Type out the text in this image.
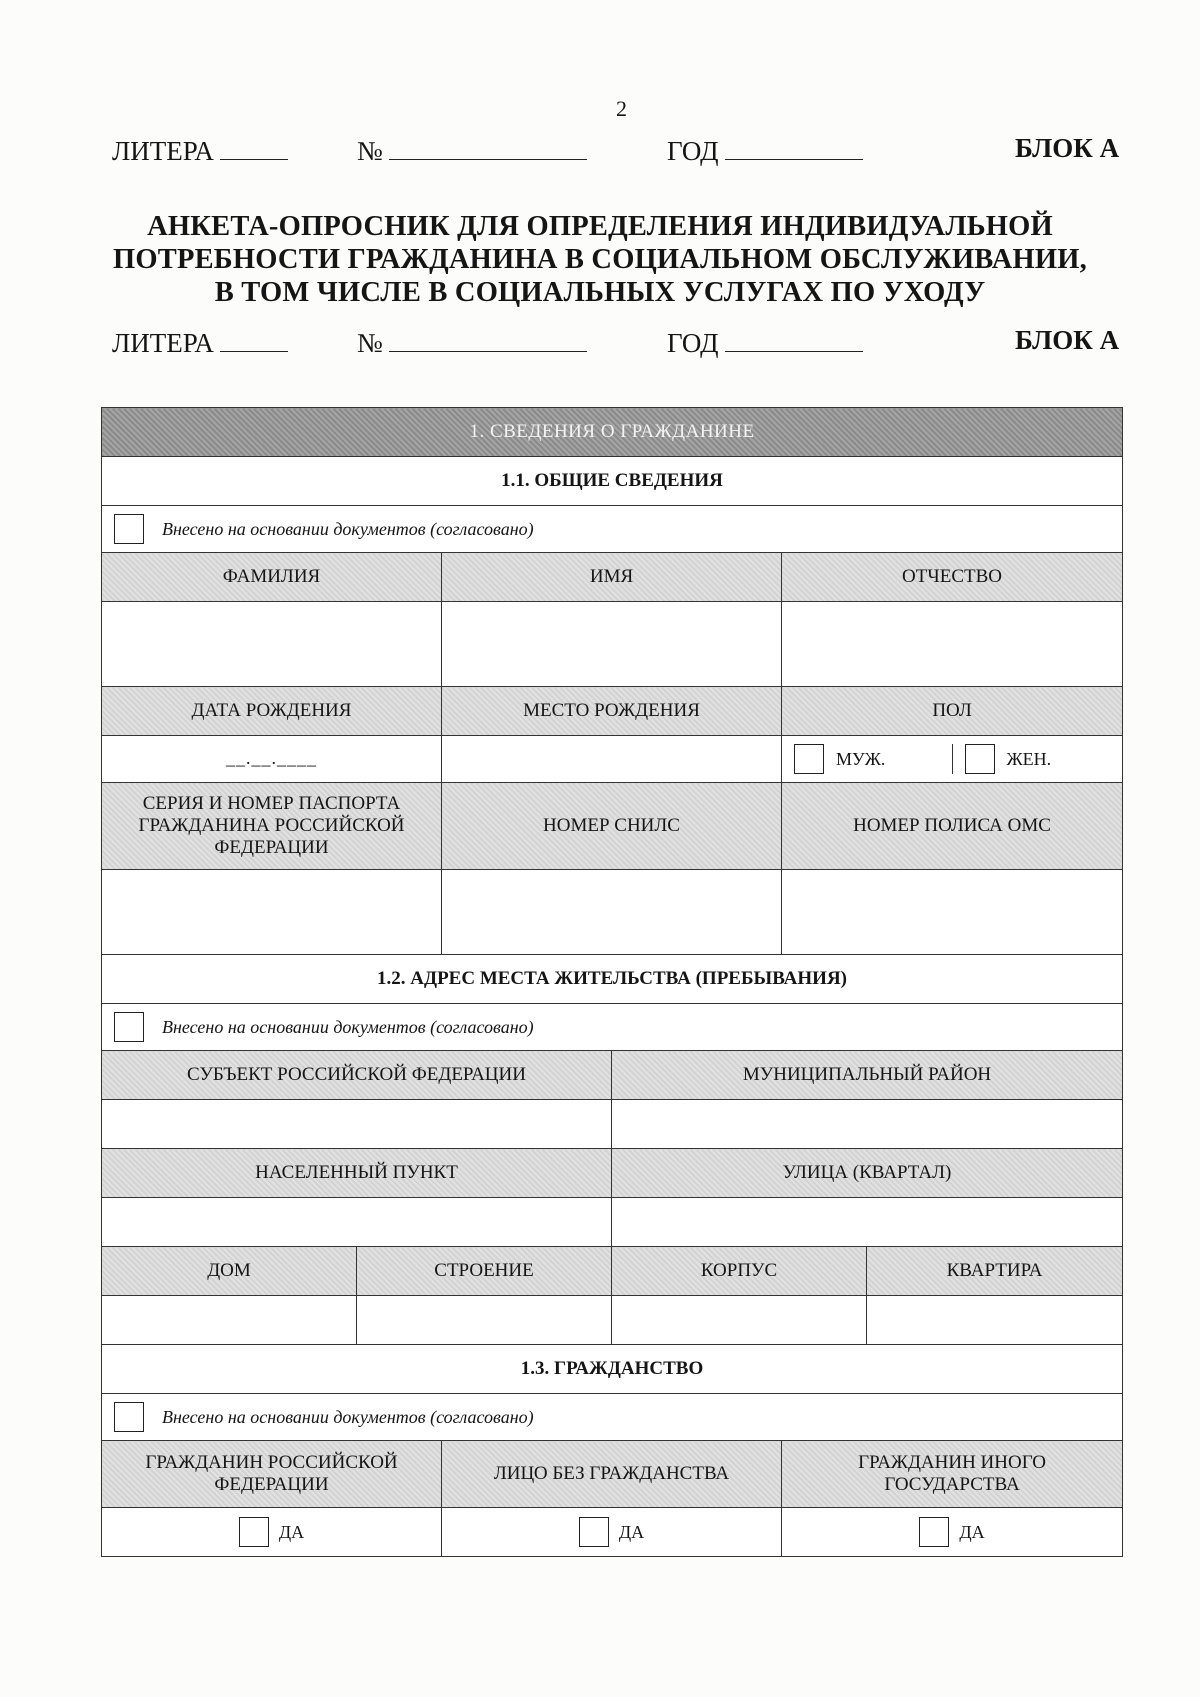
2
ЛИТЕРА	№	ГОД	БЛОК А
АНКЕТА-ОПРОСНИК ДЛЯ ОПРЕДЕЛЕНИЯ ИНДИВИДУАЛЬНОЙ
ПОТРЕБНОСТИ ГРАЖДАНИНА В СОЦИАЛЬНОМ ОБСЛУЖИВАНИИ,
В ТОМ ЧИСЛЕ В СОЦИАЛЬНЫХ УСЛУГАХ ПО УХОДУ
ЛИТЕРА	№	ГОД	БЛОК А
1. СВЕДЕНИЯ О ГРАЖДАНИНЕ					
1.1. ОБЩИЕ СВЕДЕНИЯ					

Внесено на основании документов (согласовано)					

ФАМИЛИЯ		ИМЯ		ОТЧЕСТВО	

ДАТА РОЖДЕНИЯ		МЕСТО РОЖДЕНИЯ		ПОЛ	
__.__.____				МУЖ. ЖЕН.	

СЕРИЯ И НОМЕР ПАСПОРТА ГРАЖДАНИНА РОССИЙСКОЙ ФЕДЕРАЦИИ		НОМЕР СНИЛС		НОМЕР ПОЛИСА ОМС	

1.2. АДРЕС МЕСТА ЖИТЕЛЬСТВА (ПРЕБЫВАНИЯ)					

Внесено на основании документов (согласовано)					

СУБЪЕКТ РОССИЙСКОЙ ФЕДЕРАЦИИ			МУНИЦИПАЛЬНЫЙ РАЙОН		

НАСЕЛЕННЫЙ ПУНКТ			УЛИЦА (КВАРТАЛ)		

ДОМ	СТРОЕНИЕ		КОРПУС		КВАРТИРА

1.3. ГРАЖДАНСТВО					

Внесено на основании документов (согласовано)					

ГРАЖДАНИН РОССИЙСКОЙ ФЕДЕРАЦИИ		ЛИЦО БЕЗ ГРАЖДАНСТВА		ГРАЖДАНИН ИНОГО ГОСУДАРСТВА	

ДА		ДА		ДА	
